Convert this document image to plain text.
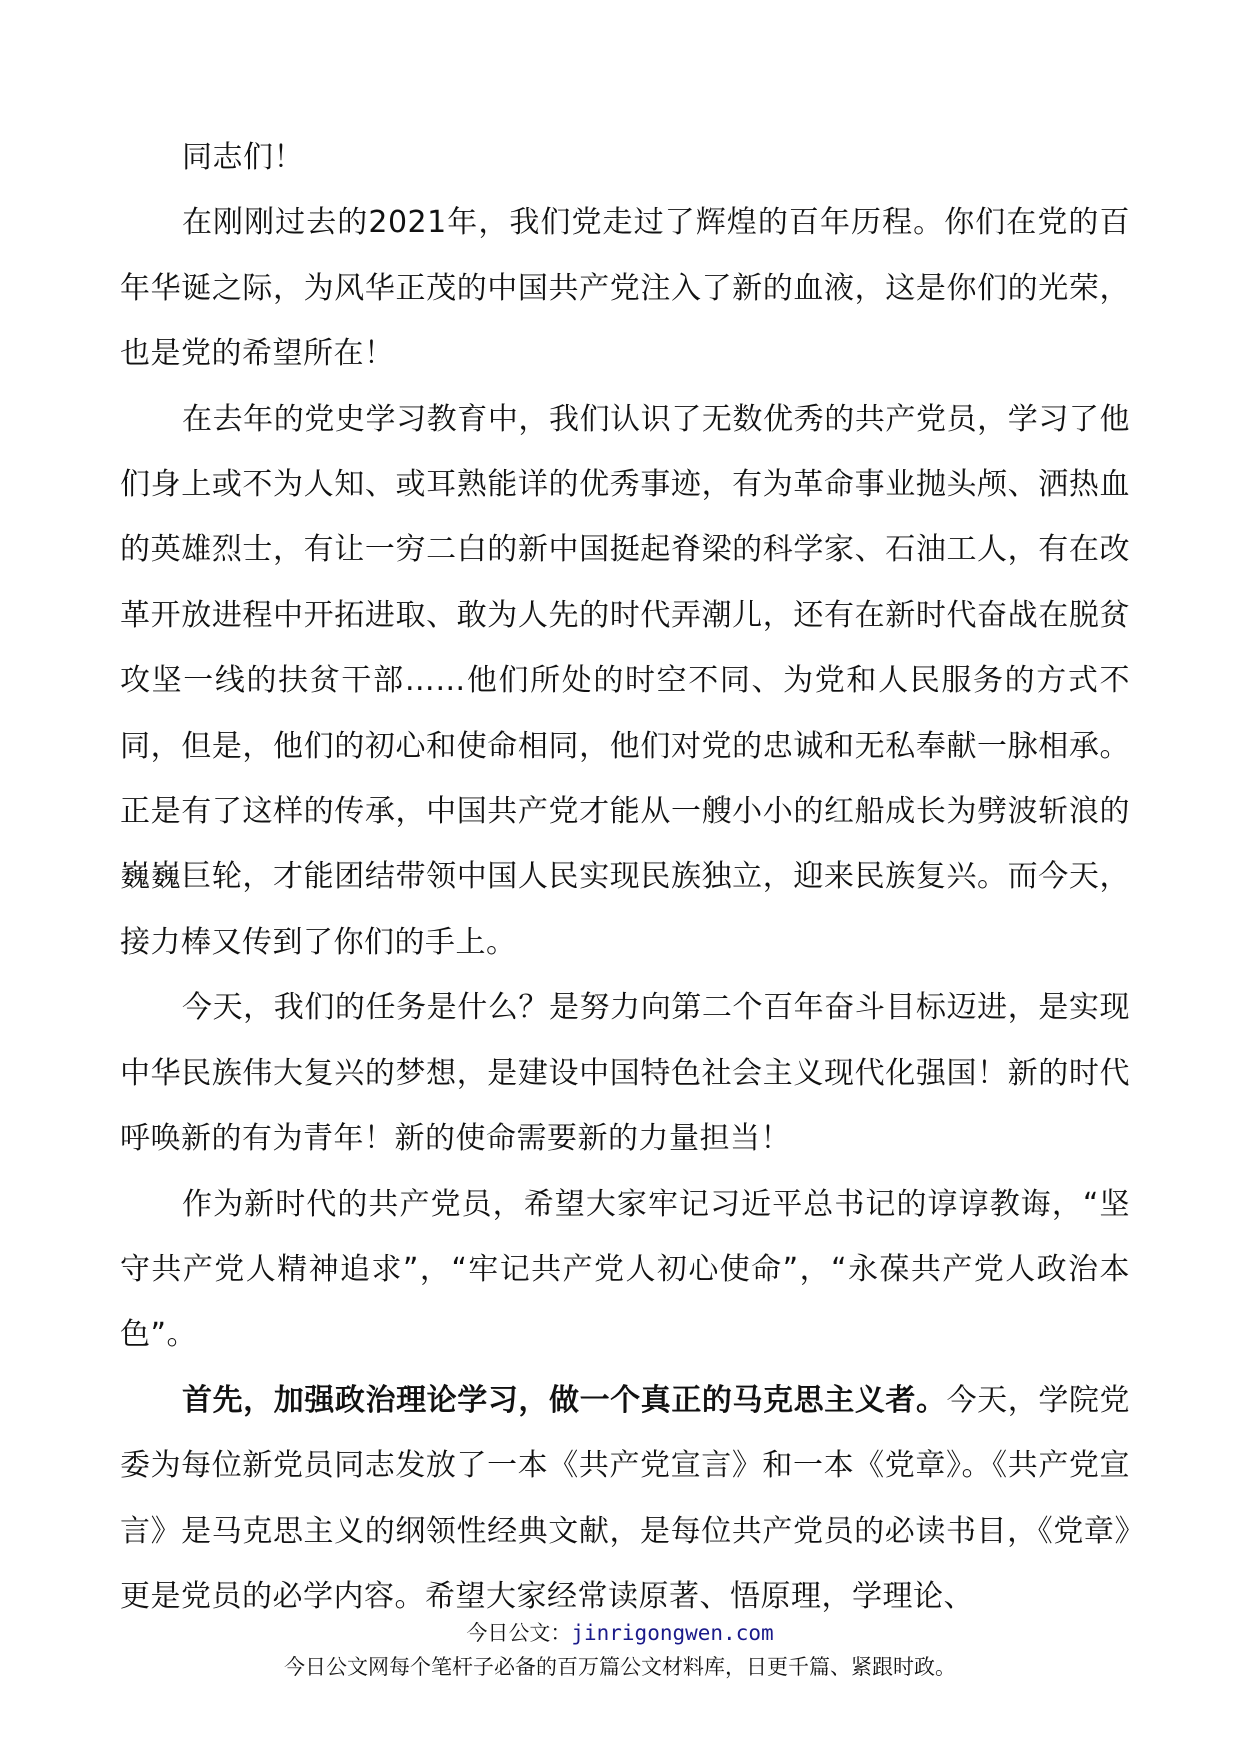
同志们！

在刚刚过去的2021年，我们党走过了辉煌的百年历程。你们在党的百年华诞之际，为风华正茂的中国共产党注入了新的血液，这是你们的光荣，也是党的希望所在！

在去年的党史学习教育中，我们认识了无数优秀的共产党员，学习了他们身上或不为人知、或耳熟能详的优秀事迹，有为革命事业抛头颅、洒热血的英雄烈士，有让一穷二白的新中国挺起脊梁的科学家、石油工人，有在改革开放进程中开拓进取、敢为人先的时代弄潮儿，还有在新时代奋战在脱贫攻坚一线的扶贫干部……他们所处的时空不同、为党和人民服务的方式不同，但是，他们的初心和使命相同，他们对党的忠诚和无私奉献一脉相承。正是有了这样的传承，中国共产党才能从一艘小小的红船成长为劈波斩浪的巍巍巨轮，才能团结带领中国人民实现民族独立，迎来民族复兴。而今天，接力棒又传到了你们的手上。

今天，我们的任务是什么？是努力向第二个百年奋斗目标迈进，是实现中华民族伟大复兴的梦想，是建设中国特色社会主义现代化强国！新的时代呼唤新的有为青年！新的使命需要新的力量担当！

作为新时代的共产党员，希望大家牢记习近平总书记的谆谆教诲，“坚守共产党人精神追求”，“牢记共产党人初心使命”，“永葆共产党人政治本色”。

首先，加强政治理论学习，做一个真正的马克思主义者。今天，学院党委为每位新党员同志发放了一本《共产党宣言》和一本《党章》。《共产党宣言》是马克思主义的纲领性经典文献，是每位共产党员的必读书目，《党章》更是党员的必学内容。希望大家经常读原著、悟原理，学理论、

今日公文：jinrigongwen.com
今日公文网每个笔杆子必备的百万篇公文材料库，日更千篇、紧跟时政。
